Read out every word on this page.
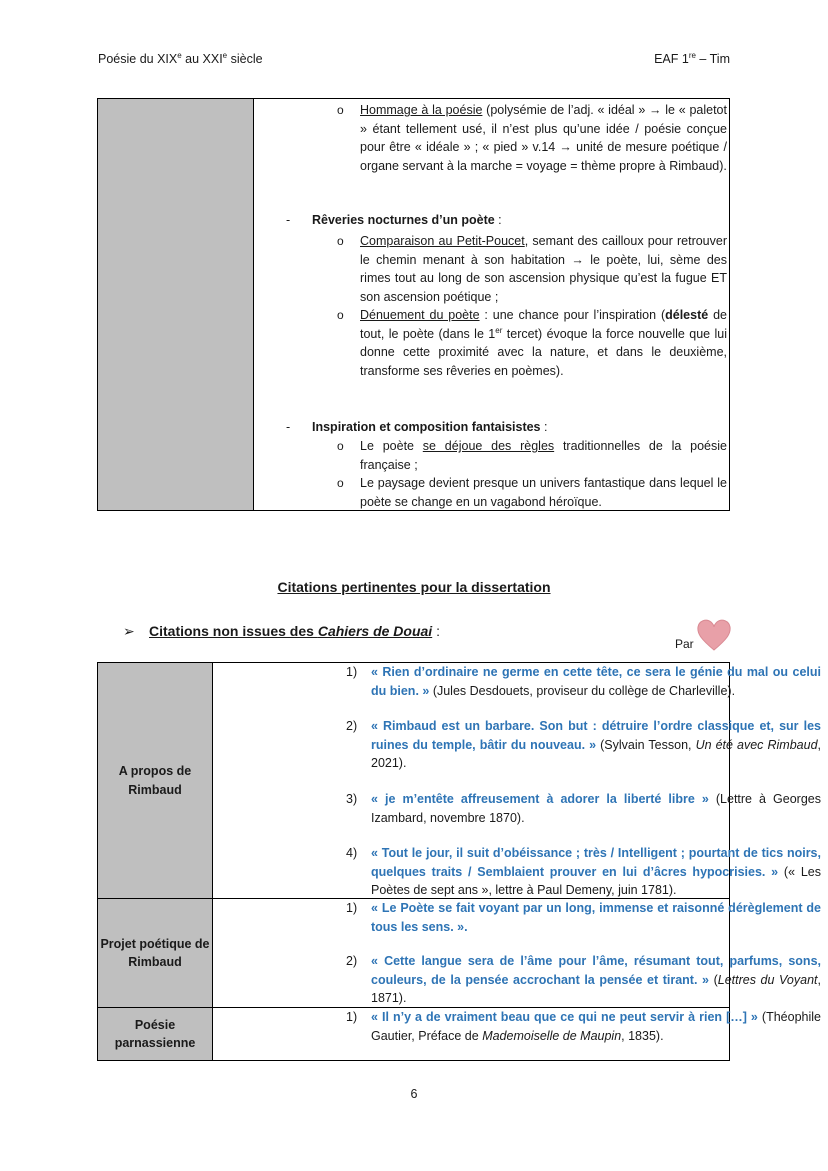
Poésie du XIXe au XXIe siècle	EAF 1re – Tim
o Hommage à la poésie (polysémie de l’adj. « idéal » → le « paletot » étant tellement usé, il n’est plus qu’une idée / poésie conçue pour être « idéale » ; « pied » v.14 → unité de mesure poétique / organe servant à la marche = voyage = thème propre à Rimbaud).
- Rêveries nocturnes d’un poète :
o Comparaison au Petit-Poucet, semant des cailloux pour retrouver le chemin menant à son habitation → le poète, lui, sème des rimes tout au long de son ascension physique qu’est la fugue ET son ascension poétique ;
o Dénuement du poète : une chance pour l’inspiration (délesté de tout, le poète (dans le 1er tercet) évoque la force nouvelle que lui donne cette proximité avec la nature, et dans le deuxième, transforme ses rêveries en poèmes).
- Inspiration et composition fantaisistes :
o Le poète se déjoue des règles traditionnelles de la poésie française ;
o Le paysage devient presque un univers fantastique dans lequel le poète se change en un vagabond héroïque.
Citations pertinentes pour la dissertation
➢ Citations non issues des Cahiers de Douai :
Par
A propos de Rimbaud
1) « Rien d’ordinaire ne germe en cette tête, ce sera le génie du mal ou celui du bien. » (Jules Desdouets, proviseur du collège de Charleville).
2) « Rimbaud est un barbare. Son but : détruire l’ordre classique et, sur les ruines du temple, bâtir du nouveau. » (Sylvain Tesson, Un été avec Rimbaud, 2021).
3) « je m’entête affreusement à adorer la liberté libre » (Lettre à Georges Izambard, novembre 1870).
4) « Tout le jour, il suit d’obéissance ; très / Intelligent ; pourtant de tics noirs, quelques traits / Semblaient prouver en lui d’âcres hypocrisies. » (« Les Poètes de sept ans », lettre à Paul Demeny, juin 1781).
Projet poétique de Rimbaud
1) « Le Poète se fait voyant par un long, immense et raisonné dérèglement de tous les sens. ».
2) « Cette langue sera de l’âme pour l’âme, résumant tout, parfums, sons, couleurs, de la pensée accrochant la pensée et tirant. » (Lettres du Voyant, 1871).
Poésie parnassienne
1) « Il n’y a de vraiment beau que ce qui ne peut servir à rien […] » (Théophile Gautier, Préface de Mademoiselle de Maupin, 1835).
6
